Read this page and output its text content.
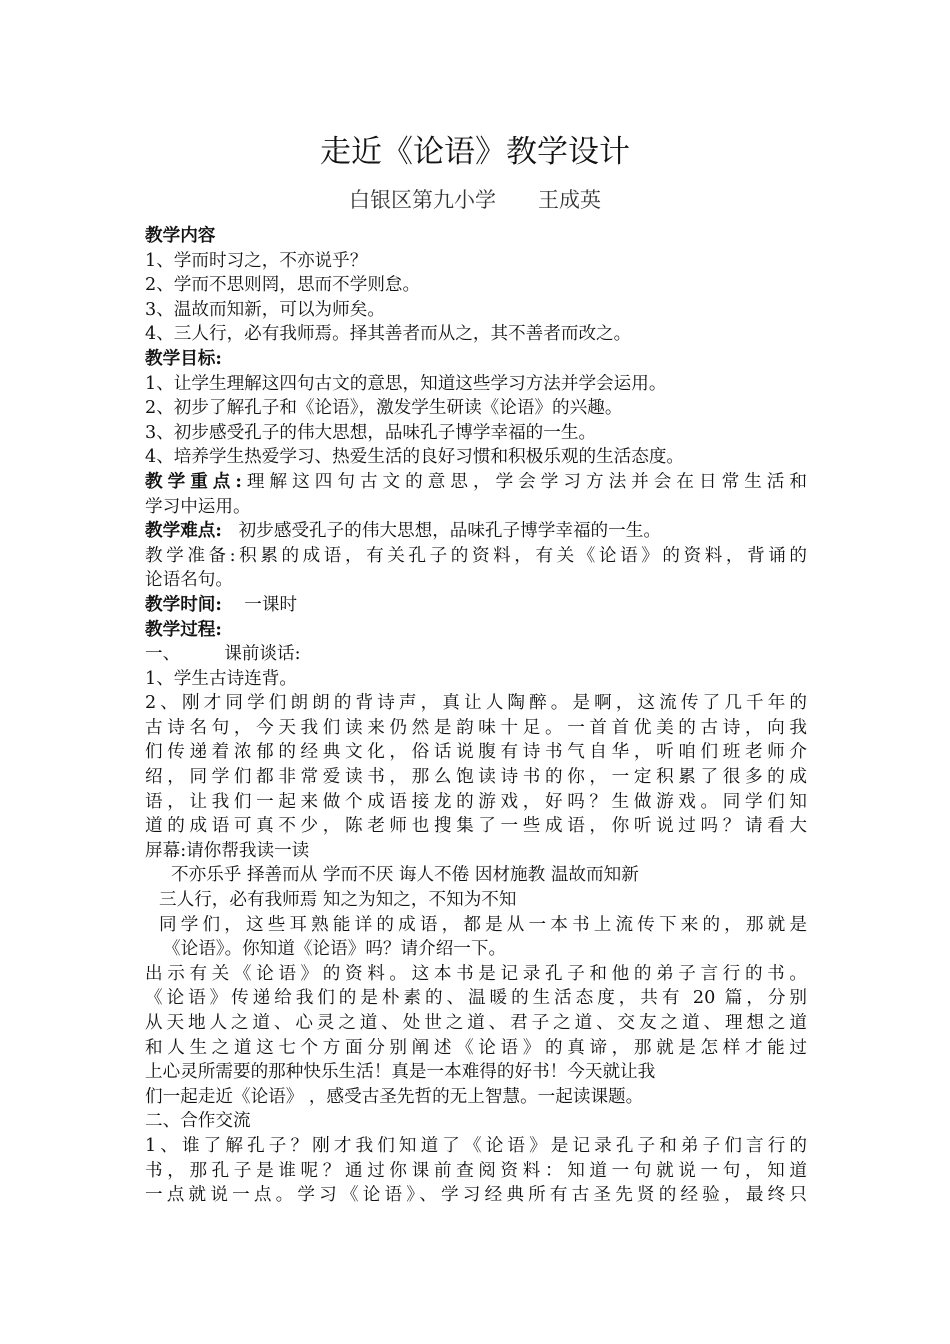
走近《论语》教学设计
白银区第九小学 王成英
教学内容
1、学而时习之，不亦说乎？
2、学而不思则罔，思而不学则怠。
3、温故而知新，可以为师矣。
4、三人行，必有我师焉。择其善者而从之，其不善者而改之。
教学目标:
1、让学生理解这四句古文的意思，知道这些学习方法并学会运用。
2、初步了解孔子和《论语》，激发学生研读《论语》的兴趣。
3、初步感受孔子的伟大思想，品味孔子博学幸福的一生。
4、培养学生热爱学习、热爱生活的良好习惯和积极乐观的生活态度。
教学重点:理解这四句古文的意思，学会学习方法并会在日常生活和
学习中运用。
教学难点: 初步感受孔子的伟大思想，品味孔子博学幸福的一生。
教学准备:积累的成语，有关孔子的资料，有关《论语》的资料，背诵的
论语名句。
教学时间: 一课时
教学过程:
一、	课前谈话:
1、学生古诗连背。
2、刚才同学们朗朗的背诗声，真让人陶醉。是啊，这流传了几千年的
古诗名句，今天我们读来仍然是韵味十足。一首首优美的古诗，向我
们传递着浓郁的经典文化，俗话说腹有诗书气自华，听咱们班老师介
绍，同学们都非常爱读书，那么饱读诗书的你，一定积累了很多的成
语，让我们一起来做个成语接龙的游戏，好吗？生做游戏。同学们知
道的成语可真不少，陈老师也搜集了一些成语，你听说过吗？请看大
屏幕:请你帮我读一读
不亦乐乎 择善而从 学而不厌 诲人不倦 因材施教 温故而知新
三人行，必有我师焉 知之为知之，不知为不知
同学们，这些耳熟能详的成语，都是从一本书上流传下来的，那就是
《论语》。你知道《论语》吗？请介绍一下。
出示有关《论语》的资料。这本书是记录孔子和他的弟子言行的书。
《论语》传递给我们的是朴素的、温暖的生活态度，共有 20 篇，分别
从天地人之道、心灵之道、处世之道、君子之道、交友之道、理想之道
和人生之道这七个方面分别阐述《论语》的真谛，那就是怎样才能过
上心灵所需要的那种快乐生活！真是一本难得的好书！今天就让我
们一起走近《论语》 ，感受古圣先哲的无上智慧。一起读课题。
二、合作交流
1、谁了解孔子？刚才我们知道了《论语》是记录孔子和弟子们言行的
书，那孔子是谁呢？通过你课前查阅资料：知道一句就说一句，知道
一点就说一点。学习《论语》、学习经典所有古圣先贤的经验，最终只
